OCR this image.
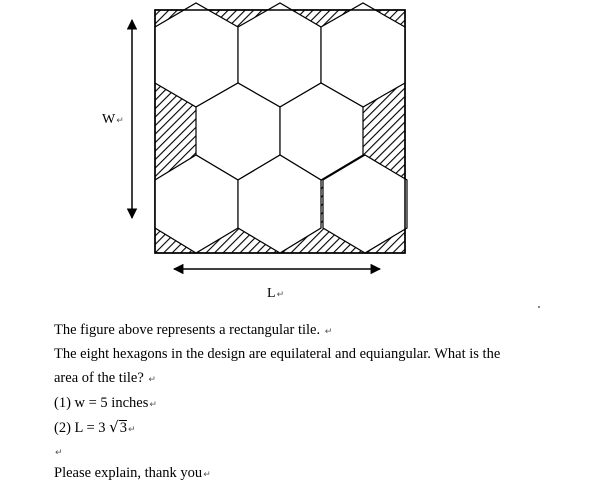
W↵
L↵
The figure above represents a rectangular tile. ↵
The eight hexagons in the design are equilateral and equiangular. What is the
area of the tile? ↵
(1) w = 5 inches↵
(2) L = 3 √3↵
↵
Please explain, thank you↵
